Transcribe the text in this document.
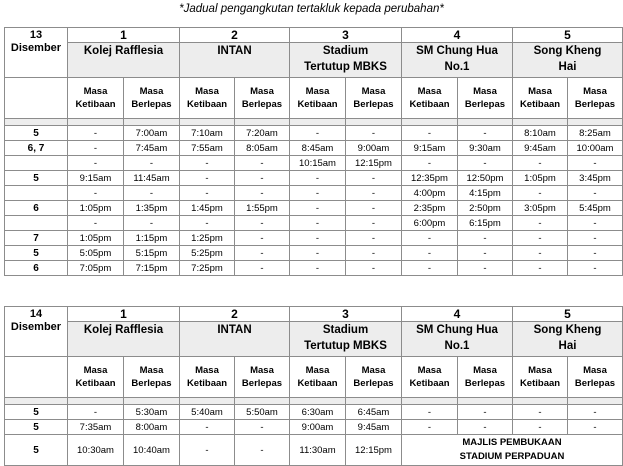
*Jadual pengangkutan tertakluk kepada perubahan*
13
Disember	1		2		3		4		5	

	Kolej Rafflesia		INTAN		Stadium Tertutup MBKS		SM Chung Hua No.1		Song Kheng Hai	

	Masa Ketibaan	Masa Berlepas	Masa Ketibaan	Masa Berlepas	Masa Ketibaan	Masa Berlepas	Masa Ketibaan	Masa Berlepas	Masa Ketibaan	Masa Berlepas

5	-	7:00am	7:10am	7:20am	-	-	-	-	8:10am	8:25am
6, 7	-	7:45am	7:55am	8:05am	8:45am	9:00am	9:15am	9:30am	9:45am	10:00am
	-	-	-	-	10:15am	12:15pm	-	-	-	-
5	9:15am	11:45am	-	-	-	-	12:35pm	12:50pm	1:05pm	3:45pm
	-	-	-	-	-	-	4:00pm	4:15pm	-	-
6	1:05pm	1:35pm	1:45pm	1:55pm	-	-	2:35pm	2:50pm	3:05pm	5:45pm
	-	-	-	-	-	-	6:00pm	6:15pm	-	-
7	1:05pm	1:15pm	1:25pm	-	-	-	-	-	-	-
5	5:05pm	5:15pm	5:25pm	-	-	-	-	-	-	-
6	7:05pm	7:15pm	7:25pm	-	-	-	-	-	-	-
14
Disember	1		2		3		4		5	

	Kolej Rafflesia		INTAN		Stadium Tertutup MBKS		SM Chung Hua No.1		Song Kheng Hai	

	Masa Ketibaan	Masa Berlepas	Masa Ketibaan	Masa Berlepas	Masa Ketibaan	Masa Berlepas	Masa Ketibaan	Masa Berlepas	Masa Ketibaan	Masa Berlepas

5	-	5:30am	5:40am	5:50am	6:30am	6:45am	-	-	-	-
5	7:35am	8:00am	-	-	9:00am	9:45am	-	-	-	-
5	10:30am	10:40am	-	-	11:30am	12:15pm	MAJLIS PEMBUKAAN STADIUM PERPADUAN			
